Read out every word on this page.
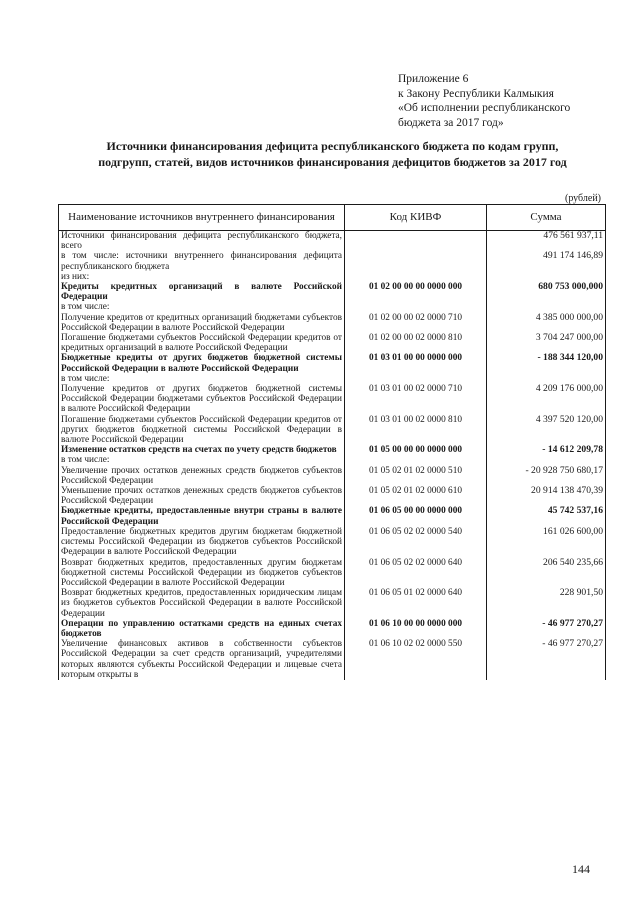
Приложение 6
к Закону Республики Калмыкия
«Об исполнении республиканского
бюджета за 2017 год»
Источники финансирования дефицита республиканского бюджета по кодам групп,
подгрупп, статей, видов источников финансирования дефицитов бюджетов за 2017 год
(рублей)
Наименование источников внутреннего финансирования	Код КИВФ	Сумма
Источники финансирования дефицита республиканского бюджета, всего		476 561 937,11
в том числе: источники внутреннего финансирования дефицита республиканского бюджета		491 174 146,89
из них:		
Кредиты кредитных организаций в валюте Российской Федерации	01 02 00 00 00 0000 000	680 753 000,000
в том числе:		
Получение кредитов от кредитных организаций бюджетами субъектов Российской Федерации в валюте Российской Федерации	01 02 00 00 02 0000 710	4 385 000 000,00
Погашение бюджетами субъектов Российской Федерации кредитов от кредитных организаций в валюте Российской Федерации	01 02 00 00 02 0000 810	3 704 247 000,00
Бюджетные кредиты от других бюджетов бюджетной системы Российской Федерации в валюте Российской Федерации	01 03 01 00 00 0000 000	- 188 344 120,00
в том числе:		
Получение кредитов от других бюджетов бюджетной системы Российской Федерации бюджетами субъектов Российской Федерации в валюте Российской Федерации	01 03 01 00 02 0000 710	4 209 176 000,00
Погашение бюджетами субъектов Российской Федерации кредитов от других бюджетов бюджетной системы Российской Федерации в валюте Российской Федерации	01 03 01 00 02 0000 810	4 397 520 120,00
Изменение остатков средств на счетах по учету средств бюджетов	01 05 00 00 00 0000 000	- 14 612 209,78
в том числе:		
Увеличение прочих остатков денежных средств бюджетов субъектов Российской Федерации	01 05 02 01 02 0000 510	- 20 928 750 680,17
Уменьшение прочих остатков денежных средств бюджетов субъектов Российской Федерации	01 05 02 01 02 0000 610	20 914 138 470,39
Бюджетные кредиты, предоставленные внутри страны в валюте Российской Федерации	01 06 05 00 00 0000 000	45 742 537,16
Предоставление бюджетных кредитов другим бюджетам бюджетной системы Российской Федерации из бюджетов субъектов Российской Федерации в валюте Российской Федерации	01 06 05 02 02 0000 540	161 026 600,00
Возврат бюджетных кредитов, предоставленных другим бюджетам бюджетной системы Российской Федерации из бюджетов субъектов Российской Федерации в валюте Российской Федерации	01 06 05 02 02 0000 640	206 540 235,66
Возврат бюджетных кредитов, предоставленных юридическим лицам из бюджетов субъектов Российской Федерации в валюте Российской Федерации	01 06 05 01 02 0000 640	228 901,50
Операции по управлению остатками средств на единых счетах бюджетов	01 06 10 00 00 0000 000	- 46 977 270,27
Увеличение финансовых активов в собственности субъектов Российской Федерации за счет средств организаций, учредителями которых являются субъекты Российской Федерации и лицевые счета которым открыты в	01 06 10 02 02 0000 550	- 46 977 270,27
144
